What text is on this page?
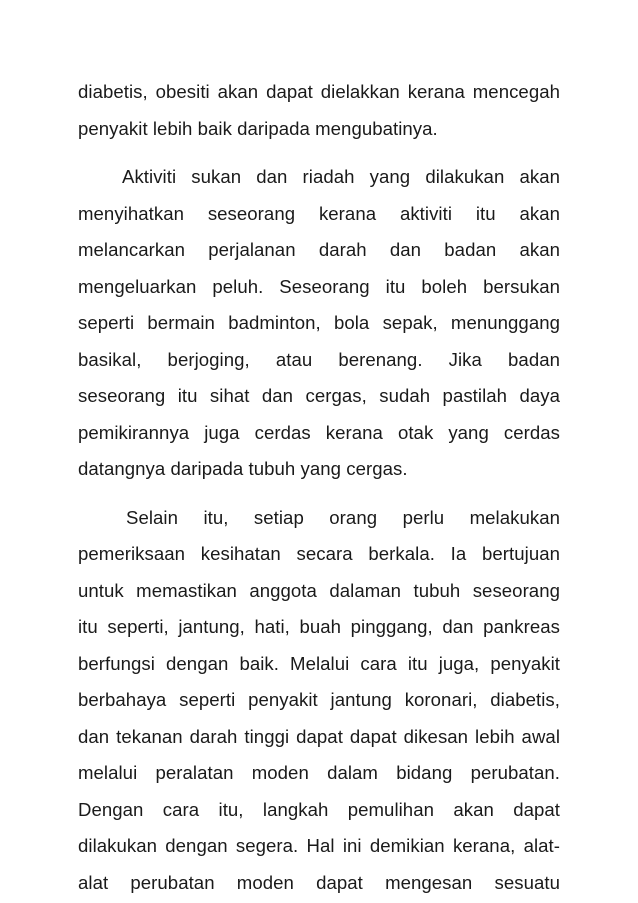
diabetis, obesiti akan dapat dielakkan kerana mencegah
penyakit lebih baik daripada mengubatinya.
Aktiviti sukan dan riadah yang dilakukan akan
menyihatkan seseorang kerana aktiviti itu akan
melancarkan perjalanan darah dan badan akan
mengeluarkan peluh. Seseorang itu boleh bersukan
seperti bermain badminton, bola sepak, menunggang
basikal, berjoging, atau berenang. Jika badan
seseorang itu sihat dan cergas, sudah pastilah daya
pemikirannya juga cerdas kerana otak yang cerdas
datangnya daripada tubuh yang cergas.
Selain itu, setiap orang perlu melakukan
pemeriksaan kesihatan secara berkala. Ia bertujuan
untuk memastikan anggota dalaman tubuh seseorang
itu seperti, jantung, hati, buah pinggang, dan pankreas
berfungsi dengan baik. Melalui cara itu juga, penyakit
berbahaya seperti penyakit jantung koronari, diabetis,
dan tekanan darah tinggi dapat dapat dikesan lebih awal
melalui peralatan moden dalam bidang perubatan.
Dengan cara itu, langkah pemulihan akan dapat
dilakukan dengan segera. Hal ini demikian kerana, alat-
alat perubatan moden dapat mengesan sesuatu
